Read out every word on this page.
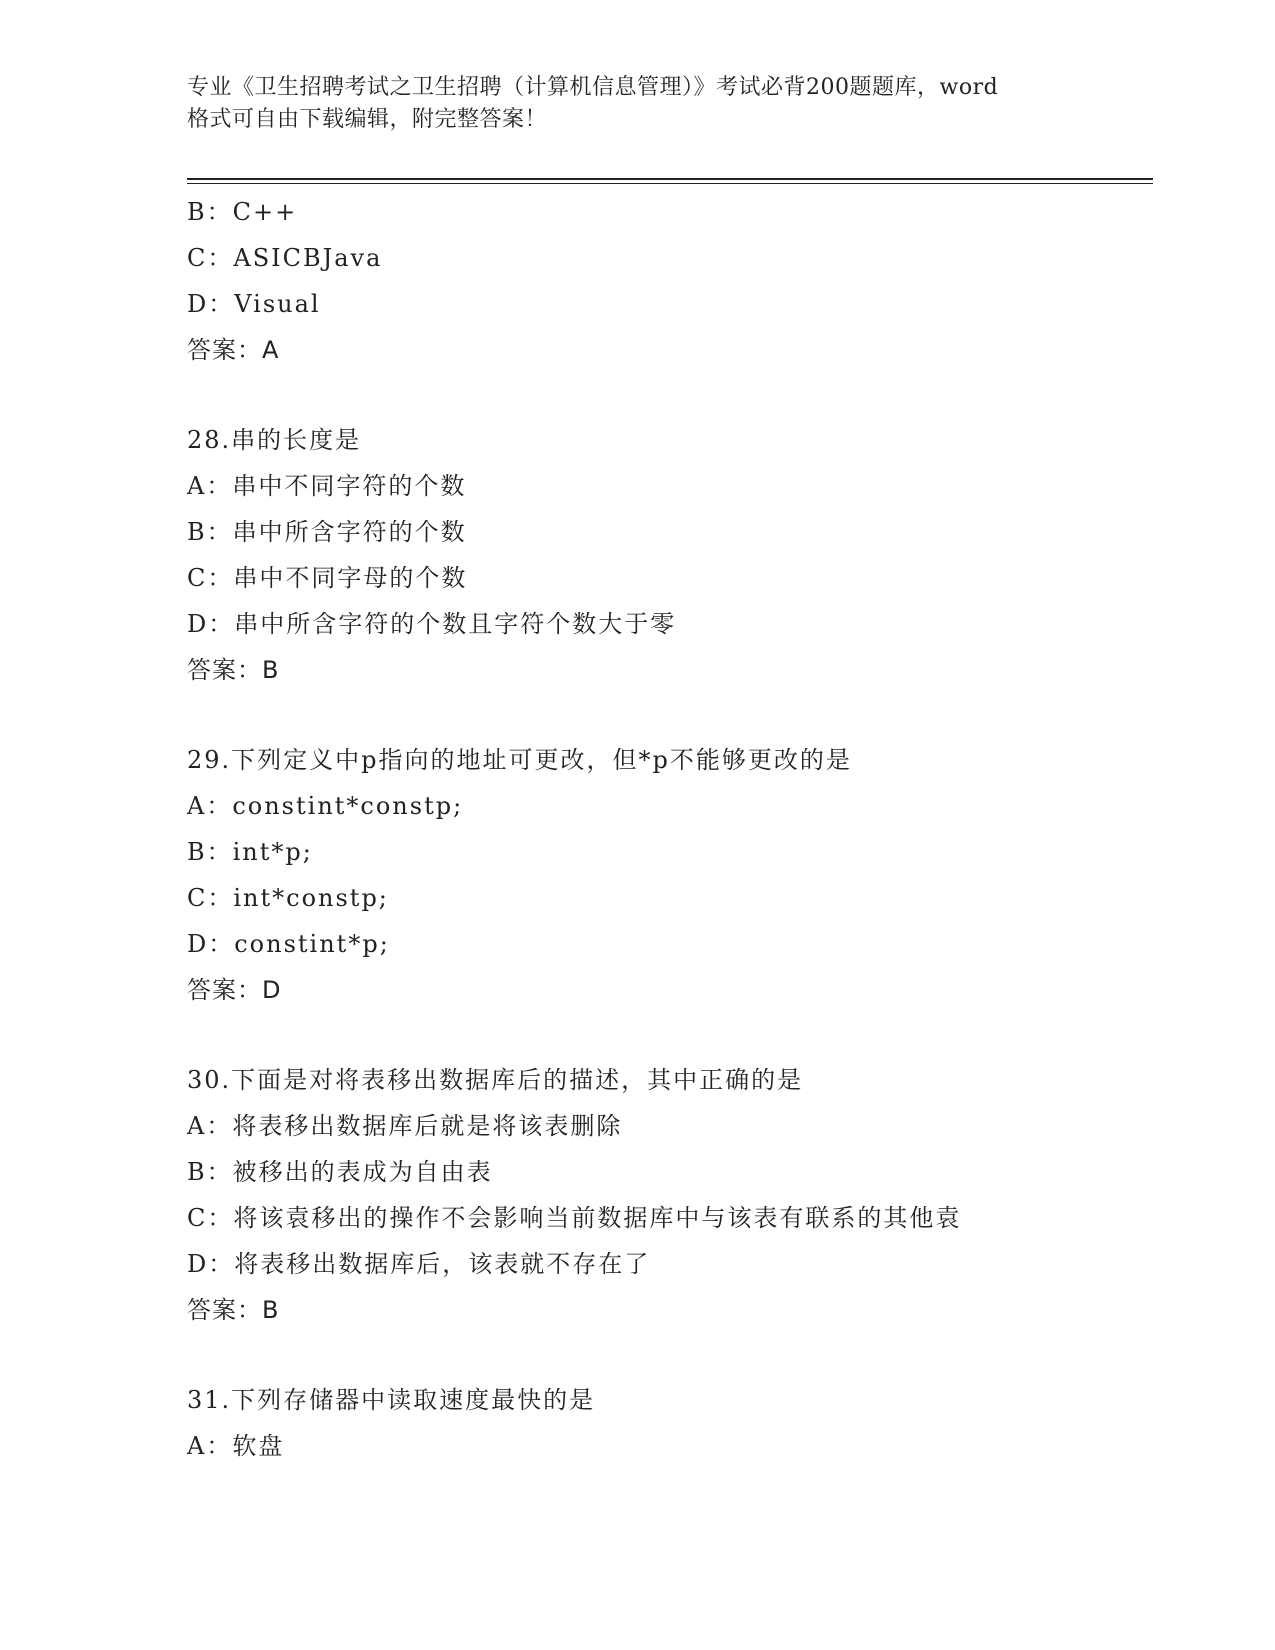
专业《卫生招聘考试之卫生招聘（计算机信息管理）》考试必背200题题库，word
格式可自由下载编辑，附完整答案！
B：C++
C：ASICBJava
D：Visual
答案：A
28.串的长度是
A：串中不同字符的个数
B：串中所含字符的个数
C：串中不同字母的个数
D：串中所含字符的个数且字符个数大于零
答案：B
29.下列定义中p指向的地址可更改，但*p不能够更改的是
A：constint*constp;
B：int*p;
C：int*constp;
D：constint*p;
答案：D
30.下面是对将表移出数据库后的描述，其中正确的是
A：将表移出数据库后就是将该表删除
B：被移出的表成为自由表
C：将该袁移出的操作不会影响当前数据库中与该表有联系的其他袁
D：将表移出数据库后，该表就不存在了
答案：B
31.下列存储器中读取速度最快的是
A：软盘
